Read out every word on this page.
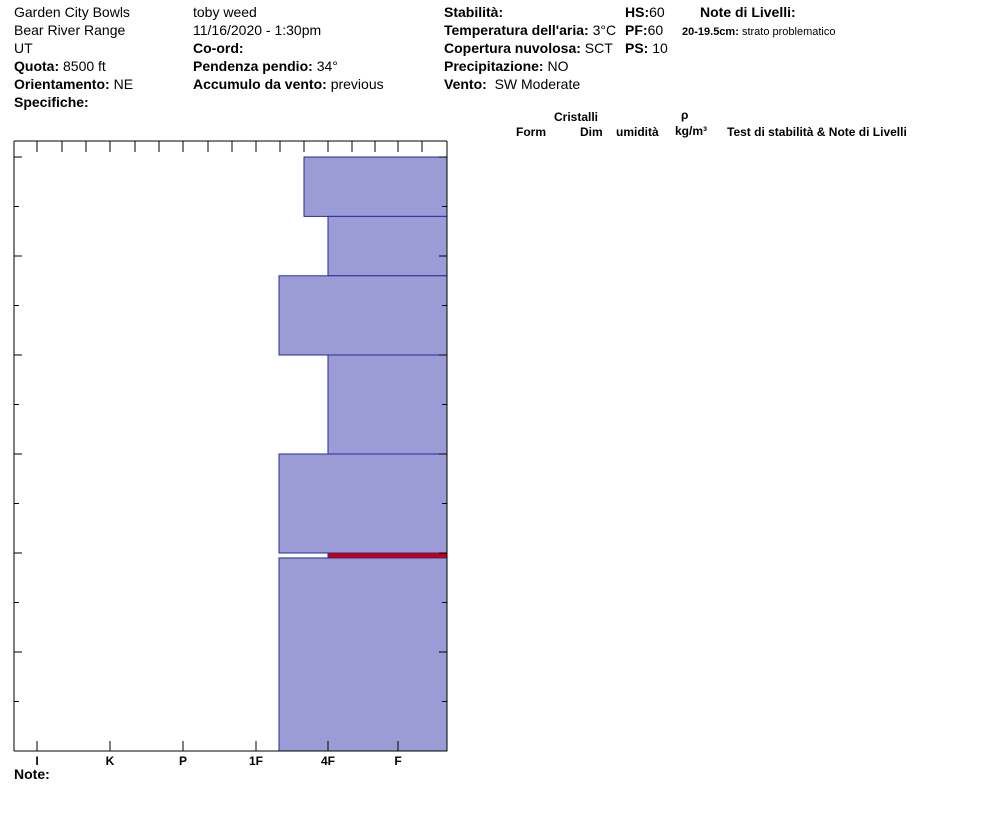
Garden City Bowls
Bear River Range
UT
Quota: 8500 ft
Orientamento: NE
Specifiche:
toby weed
11/16/2020 - 1:30pm
Co-ord:
Pendenza pendio: 34°
Accumulo da vento: previous
Stabilità:
Temperatura dell'aria: 3°C
Copertura nuvolosa: SCT
Precipitazione: NO
Vento: SW Moderate
HS:60
PF:60
PS: 10
Note di Livelli:
20-19.5cm: strato problematico
Cristalli
Form	Dim umidità
ρ
kg/m³ Test di stabilità & Note di Livelli
Note:
I	K	P	1F	4F	F
